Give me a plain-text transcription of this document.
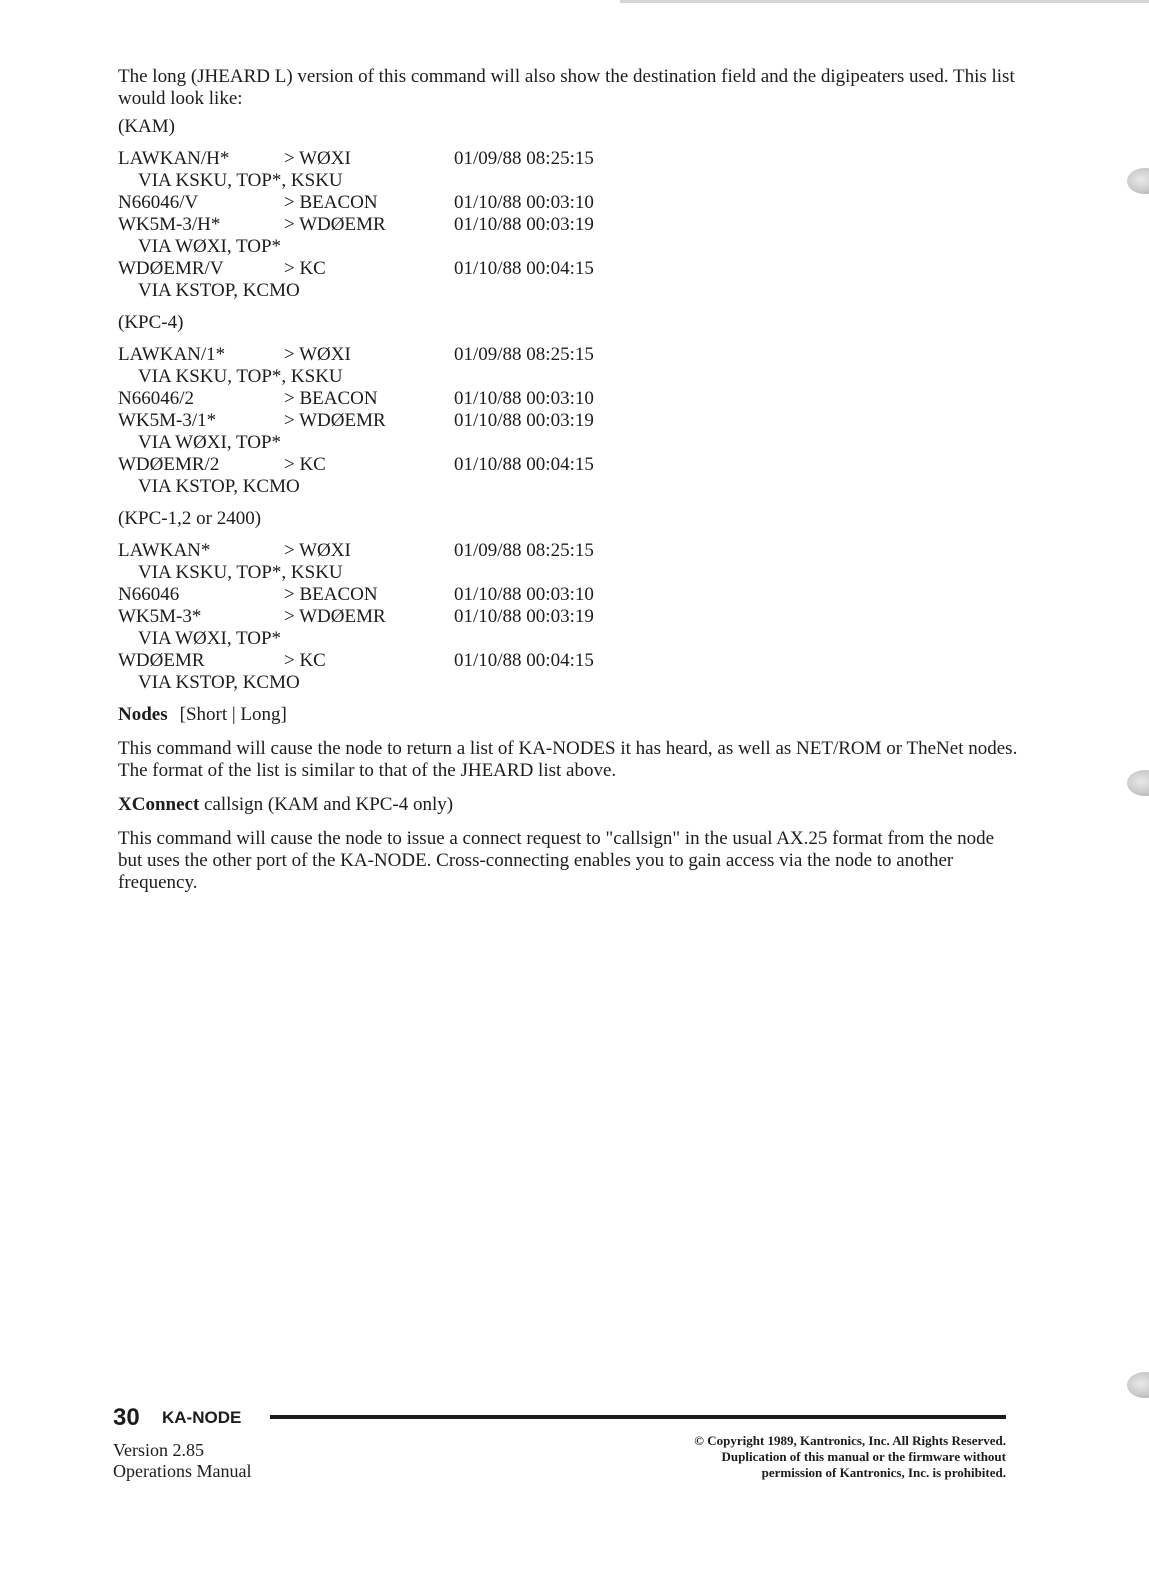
The long (JHEARD L) version of this command will also show the destination field and the digipeaters used. This list would look like:

(KAM)
LAWKAN/H*	> WØXI	01/09/88 08:25:15
VIA KSKU, TOP*, KSKU
N66046/V	> BEACON	01/10/88 00:03:10
WK5M-3/H*	> WDØEMR	01/10/88 00:03:19
VIA WØXI, TOP*
WDØEMR/V	> KC	01/10/88 00:04:15
VIA KSTOP, KCMO
(KPC-4)
LAWKAN/1*	> WØXI	01/09/88 08:25:15
VIA KSKU, TOP*, KSKU
N66046/2	> BEACON	01/10/88 00:03:10
WK5M-3/1*	> WDØEMR	01/10/88 00:03:19
VIA WØXI, TOP*
WDØEMR/2	> KC	01/10/88 00:04:15
VIA KSTOP, KCMO
(KPC-1,2 or 2400)
LAWKAN*	> WØXI	01/09/88 08:25:15
VIA KSKU, TOP*, KSKU
N66046	> BEACON	01/10/88 00:03:10
WK5M-3*	> WDØEMR	01/10/88 00:03:19
VIA WØXI, TOP*
WDØEMR	> KC	01/10/88 00:04:15
VIA KSTOP, KCMO
Nodes [Short | Long]

This command will cause the node to return a list of KA-NODES it has heard, as well as NET/ROM or TheNet nodes. The format of the list is similar to that of the JHEARD list above.

XConnect callsign (KAM and KPC-4 only)

This command will cause the node to issue a connect request to "callsign" in the usual AX.25 format from the node but uses the other port of the KA-NODE. Cross-connecting enables you to gain access via the node to another frequency.

30 KA-NODE
Version 2.85
Operations Manual
© Copyright 1989, Kantronics, Inc. All Rights Reserved.
Duplication of this manual or the firmware without
permission of Kantronics, Inc. is prohibited.
